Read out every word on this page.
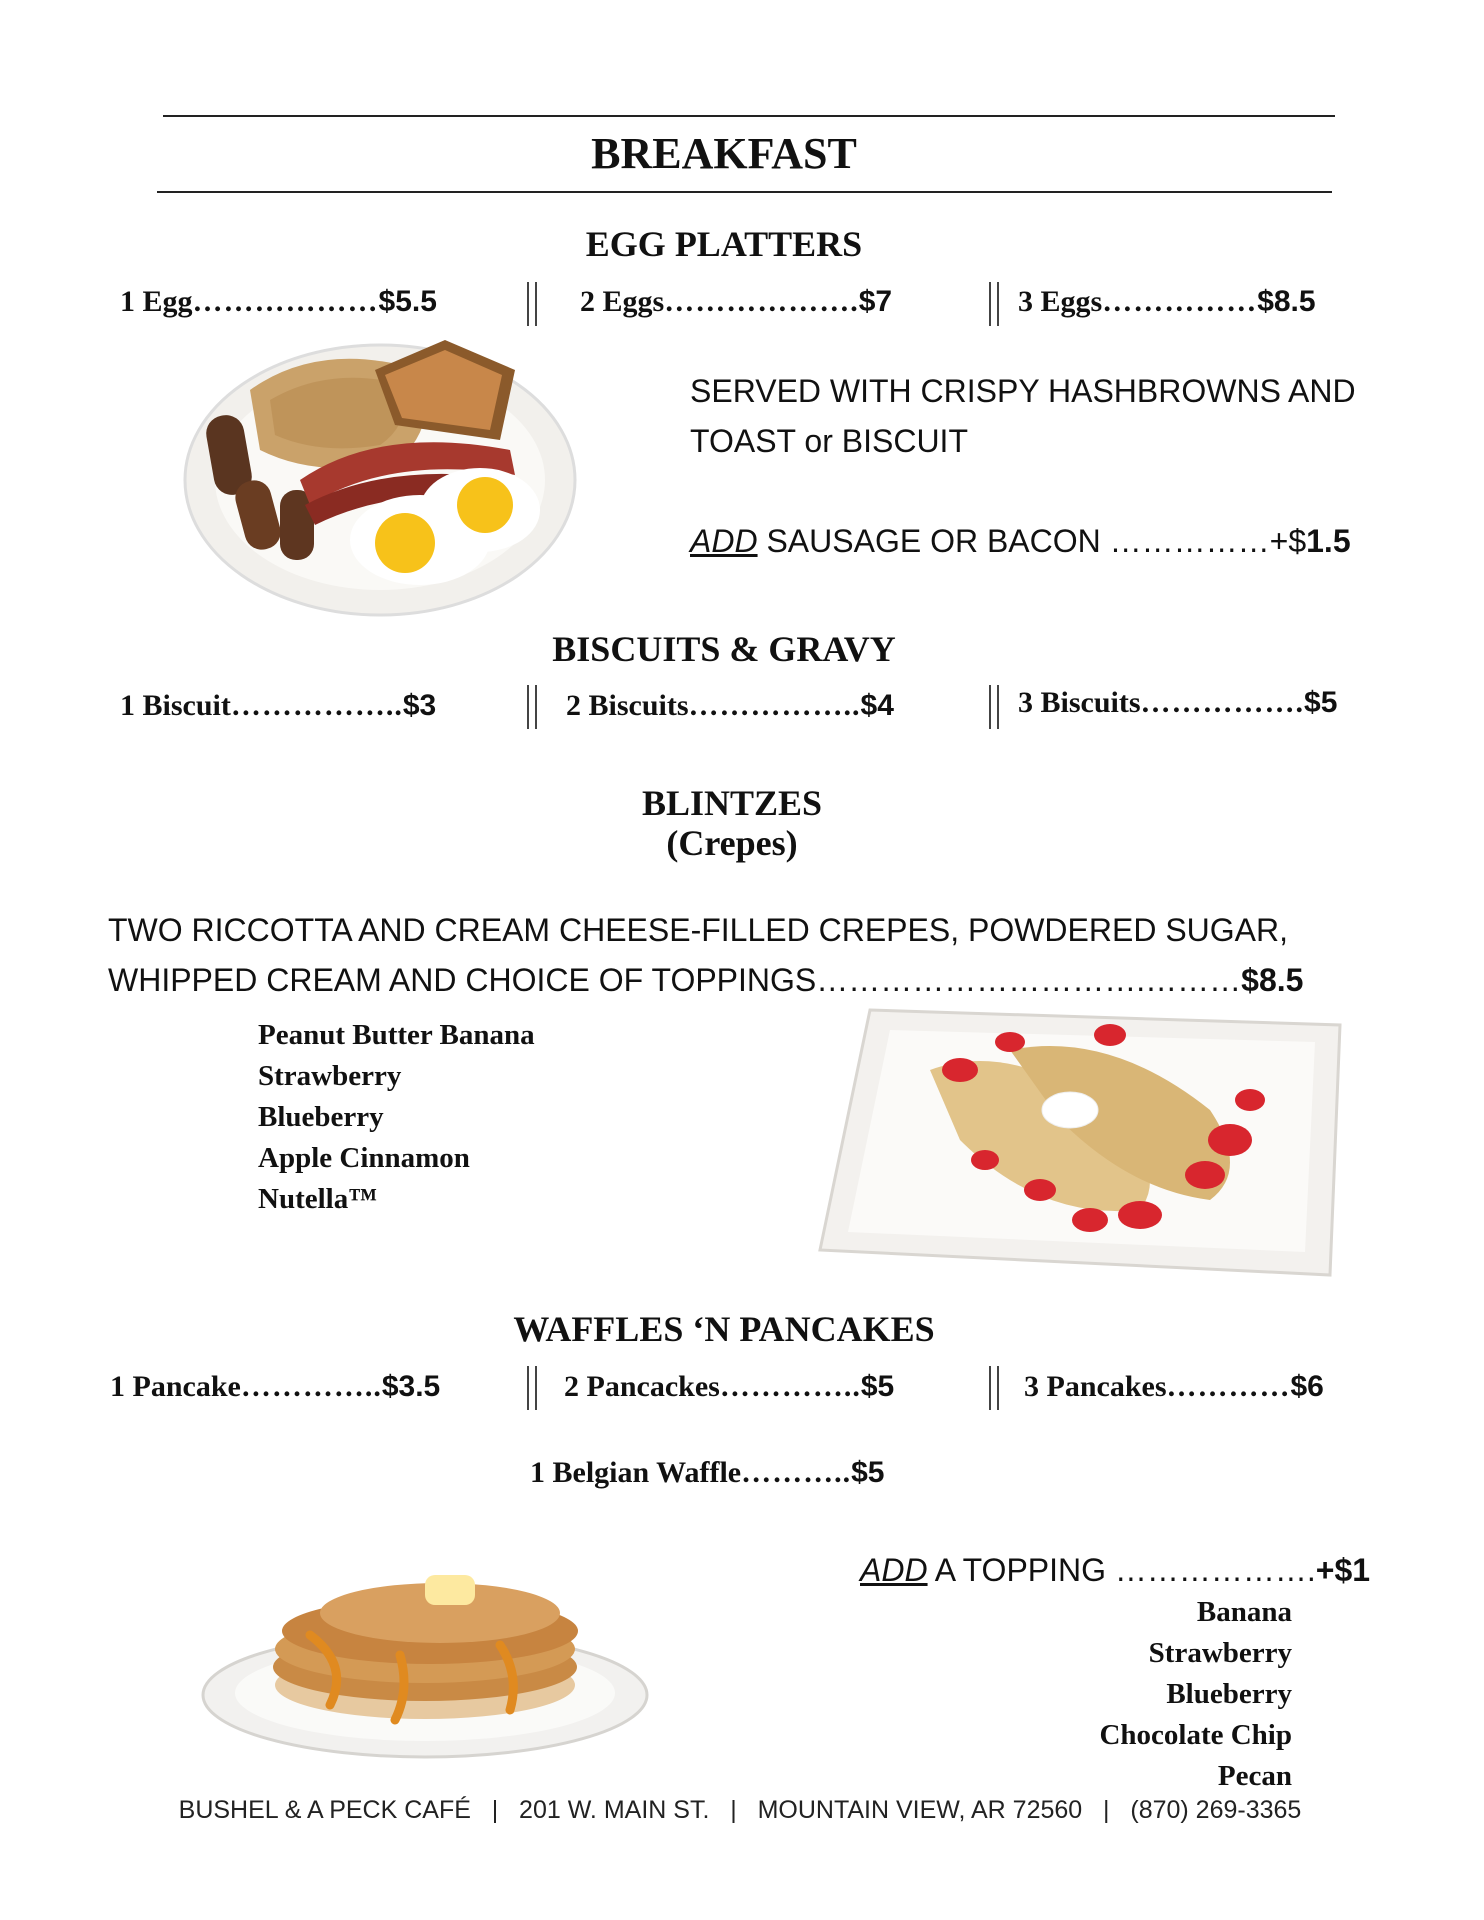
BREAKFAST
EGG PLATTERS
1 Egg………………$5.5	2 Eggs……………….$7	3 Eggs……………$8.5
SERVED WITH CRISPY HASHBROWNS AND
TOAST or BISCUIT
ADD SAUSAGE OR BACON ……………+$1.5
BISCUITS & GRAVY
1 Biscuit……………..$3	2 Biscuits……………..$4	3 Biscuits…………….$5
BLINTZES
(Crepes)
TWO RICCOTTA AND CREAM CHEESE-FILLED CREPES, POWDERED SUGAR,
WHIPPED CREAM AND CHOICE OF TOPPINGS………………………….………$8.5
Peanut Butter Banana
Strawberry
Blueberry
Apple Cinnamon
Nutella™
WAFFLES ‘N PANCAKES
1 Pancake…………..$3.5	2 Pancackes…………..$5	3 Pancakes…………$6
1 Belgian Waffle………..$5
ADD A TOPPING ……………….+$1
Banana
Strawberry
Blueberry
Chocolate Chip
Pecan
BUSHEL & A PECK CAFÉ   |   201 W. MAIN ST.   |   MOUNTAIN VIEW, AR 72560   |   (870) 269-3365
